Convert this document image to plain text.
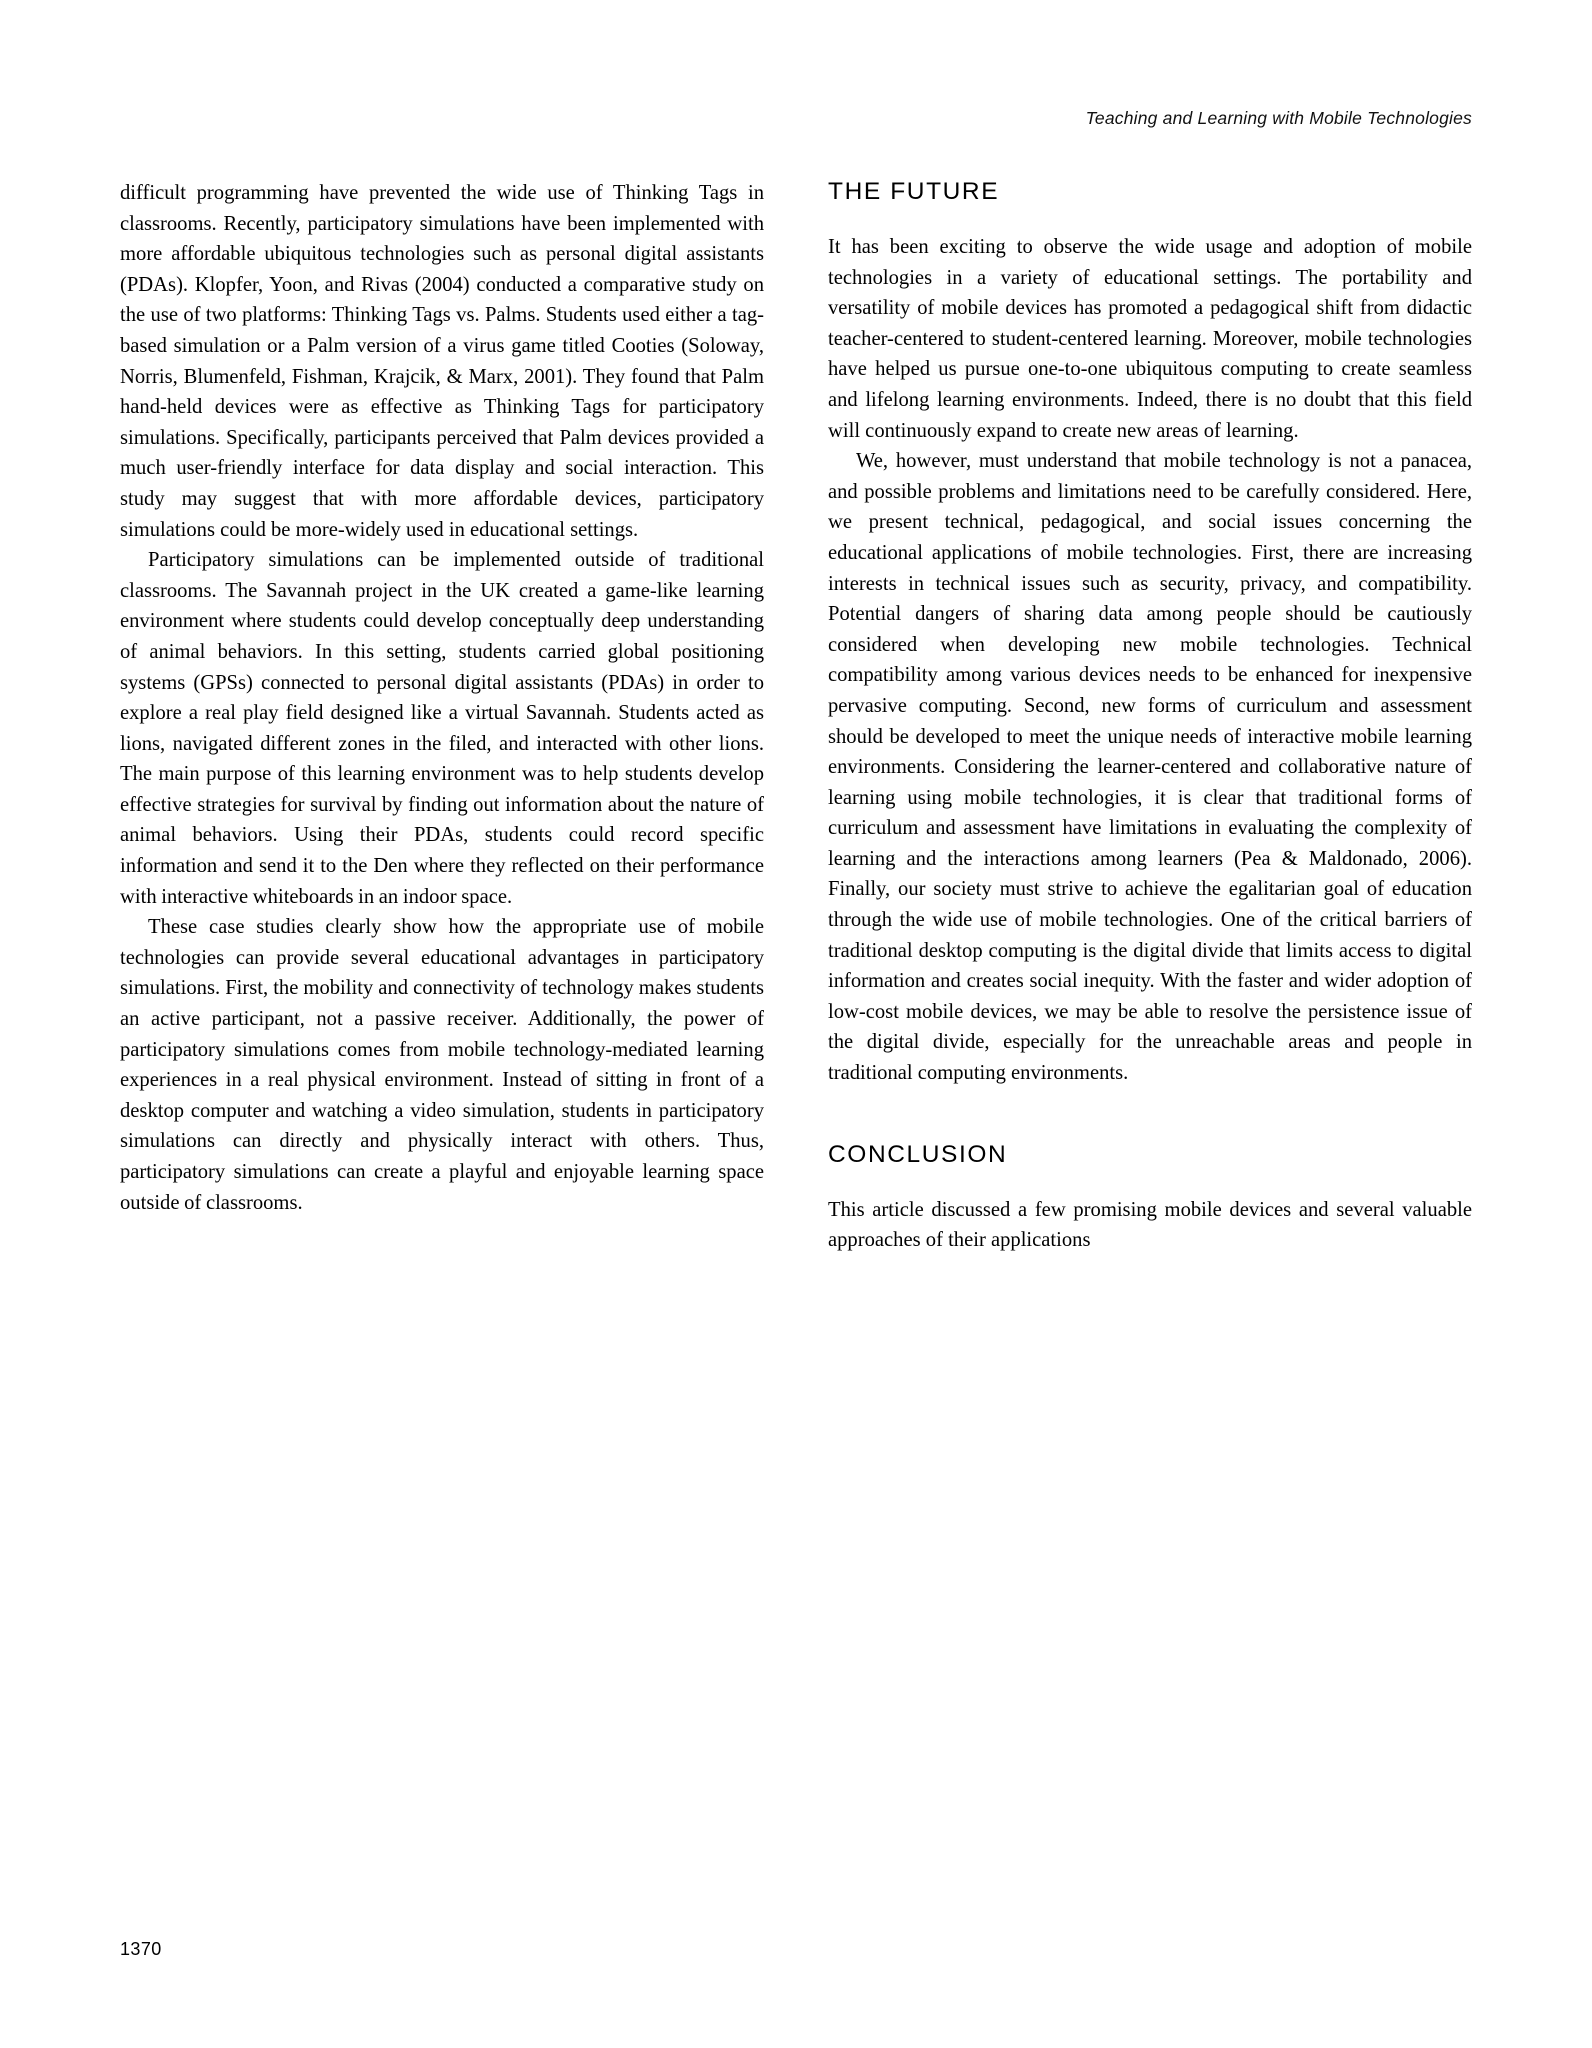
Teaching and Learning with Mobile Technologies

difficult programming have prevented the wide use of Thinking Tags in classrooms. Recently, participatory simulations have been implemented with more affordable ubiquitous technologies such as personal digital assistants (PDAs). Klopfer, Yoon, and Rivas (2004) conducted a comparative study on the use of two platforms: Thinking Tags vs. Palms. Students used either a tag-based simulation or a Palm version of a virus game titled Cooties (Soloway, Norris, Blumenfeld, Fishman, Krajcik, & Marx, 2001). They found that Palm hand-held devices were as effective as Thinking Tags for participatory simulations. Specifically, participants perceived that Palm devices provided a much user-friendly interface for data display and social interaction. This study may suggest that with more affordable devices, participatory simulations could be more-widely used in educational settings.

Participatory simulations can be implemented outside of traditional classrooms. The Savannah project in the UK created a game-like learning environment where students could develop conceptually deep understanding of animal behaviors. In this setting, students carried global positioning systems (GPSs) connected to personal digital assistants (PDAs) in order to explore a real play field designed like a virtual Savannah. Students acted as lions, navigated different zones in the filed, and interacted with other lions. The main purpose of this learning environment was to help students develop effective strategies for survival by finding out information about the nature of animal behaviors. Using their PDAs, students could record specific information and send it to the Den where they reflected on their performance with interactive whiteboards in an indoor space.

These case studies clearly show how the appropriate use of mobile technologies can provide several educational advantages in participatory simulations. First, the mobility and connectivity of technology makes students an active participant, not a passive receiver. Additionally, the power of participatory simulations comes from mobile technology-mediated learning experiences in a real physical environment. Instead of sitting in front of a desktop computer and watching a video simulation, students in participatory simulations can directly and physically interact with others. Thus, participatory simulations can create a playful and enjoyable learning space outside of classrooms.

THE FUTURE

It has been exciting to observe the wide usage and adoption of mobile technologies in a variety of educational settings. The portability and versatility of mobile devices has promoted a pedagogical shift from didactic teacher-centered to student-centered learning. Moreover, mobile technologies have helped us pursue one-to-one ubiquitous computing to create seamless and lifelong learning environments. Indeed, there is no doubt that this field will continuously expand to create new areas of learning.

We, however, must understand that mobile technology is not a panacea, and possible problems and limitations need to be carefully considered. Here, we present technical, pedagogical, and social issues concerning the educational applications of mobile technologies. First, there are increasing interests in technical issues such as security, privacy, and compatibility. Potential dangers of sharing data among people should be cautiously considered when developing new mobile technologies. Technical compatibility among various devices needs to be enhanced for inexpensive pervasive computing. Second, new forms of curriculum and assessment should be developed to meet the unique needs of interactive mobile learning environments. Considering the learner-centered and collaborative nature of learning using mobile technologies, it is clear that traditional forms of curriculum and assessment have limitations in evaluating the complexity of learning and the interactions among learners (Pea & Maldonado, 2006). Finally, our society must strive to achieve the egalitarian goal of education through the wide use of mobile technologies. One of the critical barriers of traditional desktop computing is the digital divide that limits access to digital information and creates social inequity. With the faster and wider adoption of low-cost mobile devices, we may be able to resolve the persistence issue of the digital divide, especially for the unreachable areas and people in traditional computing environments.

CONCLUSION

This article discussed a few promising mobile devices and several valuable approaches of their applications

1370
